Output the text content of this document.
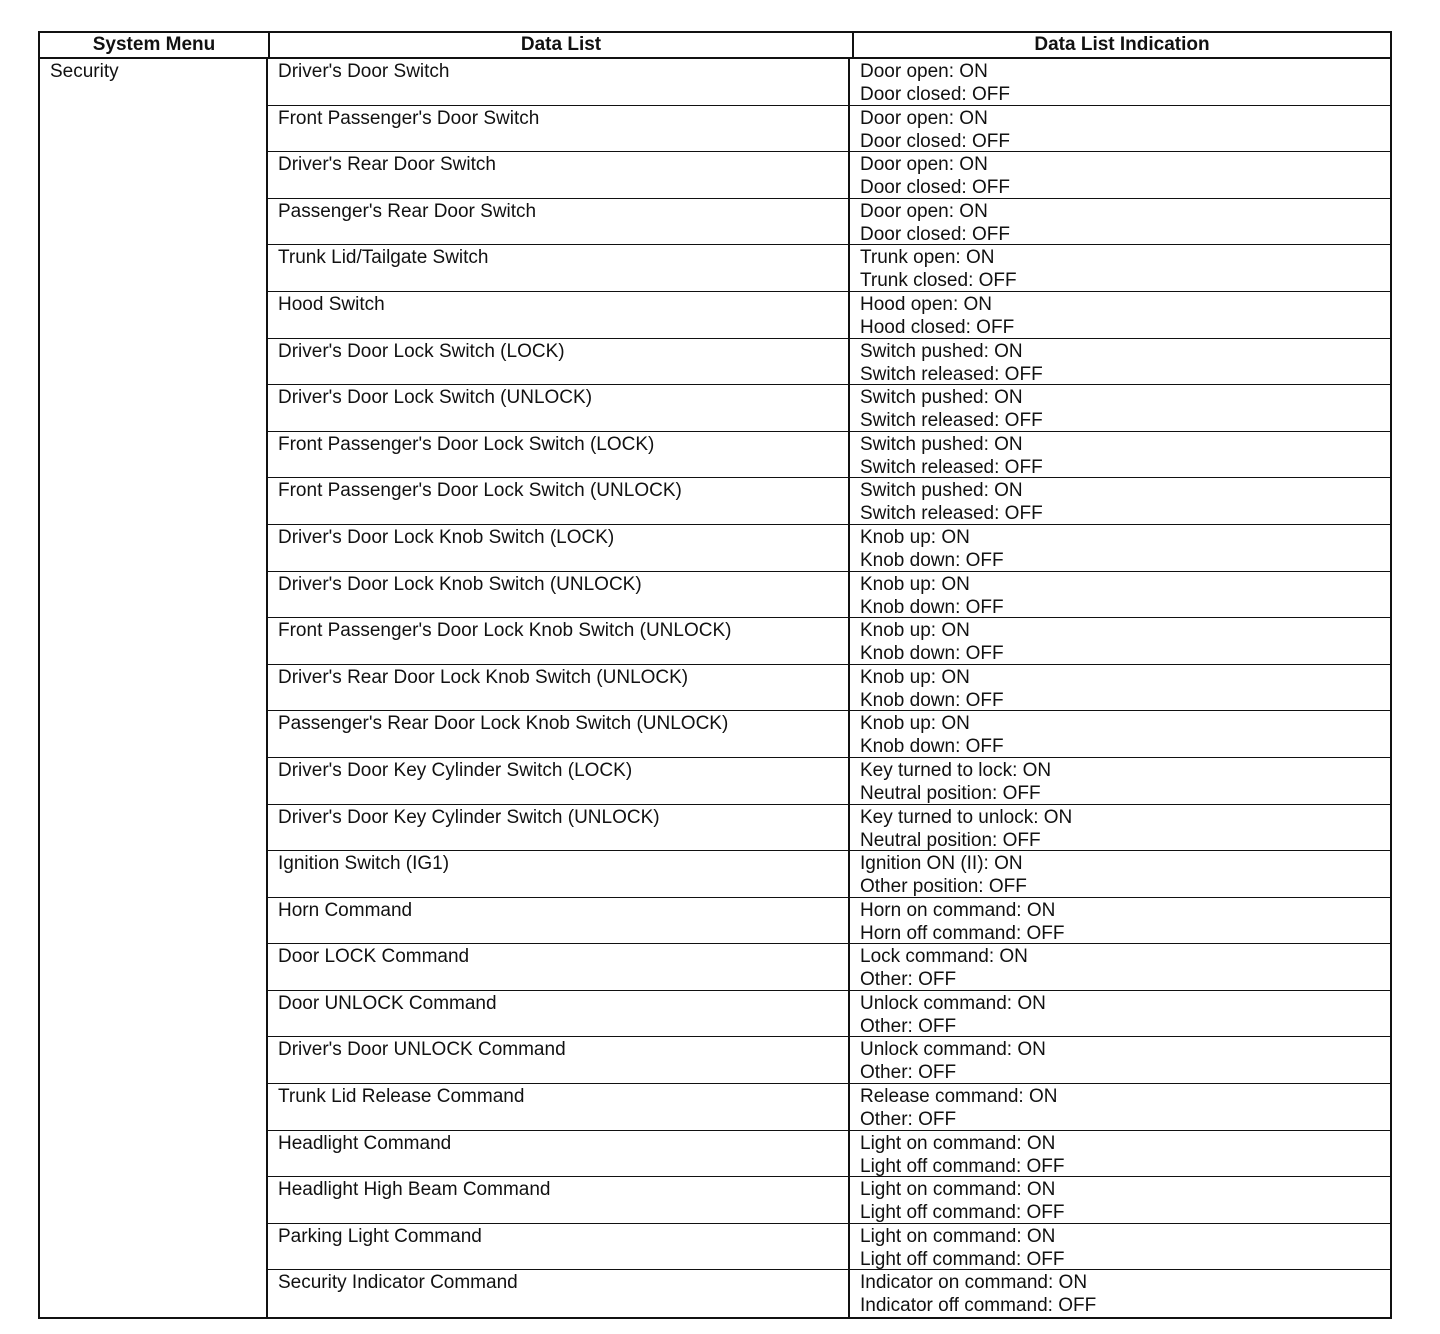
System Menu	Data List	Data List Indication
Security	Driver's Door Switch	Door open: ON
Door closed: OFF
Front Passenger's Door Switch	Door open: ON
Door closed: OFF
Driver's Rear Door Switch	Door open: ON
Door closed: OFF
Passenger's Rear Door Switch	Door open: ON
Door closed: OFF
Trunk Lid/Tailgate Switch	Trunk open: ON
Trunk closed: OFF
Hood Switch	Hood open: ON
Hood closed: OFF
Driver's Door Lock Switch (LOCK)	Switch pushed: ON
Switch released: OFF
Driver's Door Lock Switch (UNLOCK)	Switch pushed: ON
Switch released: OFF
Front Passenger's Door Lock Switch (LOCK)	Switch pushed: ON
Switch released: OFF
Front Passenger's Door Lock Switch (UNLOCK)	Switch pushed: ON
Switch released: OFF
Driver's Door Lock Knob Switch (LOCK)	Knob up: ON
Knob down: OFF
Driver's Door Lock Knob Switch (UNLOCK)	Knob up: ON
Knob down: OFF
Front Passenger's Door Lock Knob Switch (UNLOCK)	Knob up: ON
Knob down: OFF
Driver's Rear Door Lock Knob Switch (UNLOCK)	Knob up: ON
Knob down: OFF
Passenger's Rear Door Lock Knob Switch (UNLOCK)	Knob up: ON
Knob down: OFF
Driver's Door Key Cylinder Switch (LOCK)	Key turned to lock: ON
Neutral position: OFF
Driver's Door Key Cylinder Switch (UNLOCK)	Key turned to unlock: ON
Neutral position: OFF
Ignition Switch (IG1)	Ignition ON (II): ON
Other position: OFF
Horn Command	Horn on command: ON
Horn off command: OFF
Door LOCK Command	Lock command: ON
Other: OFF
Door UNLOCK Command	Unlock command: ON
Other: OFF
Driver's Door UNLOCK Command	Unlock command: ON
Other: OFF
Trunk Lid Release Command	Release command: ON
Other: OFF
Headlight Command	Light on command: ON
Light off command: OFF
Headlight High Beam Command	Light on command: ON
Light off command: OFF
Parking Light Command	Light on command: ON
Light off command: OFF
Security Indicator Command	Indicator on command: ON
Indicator off command: OFF
